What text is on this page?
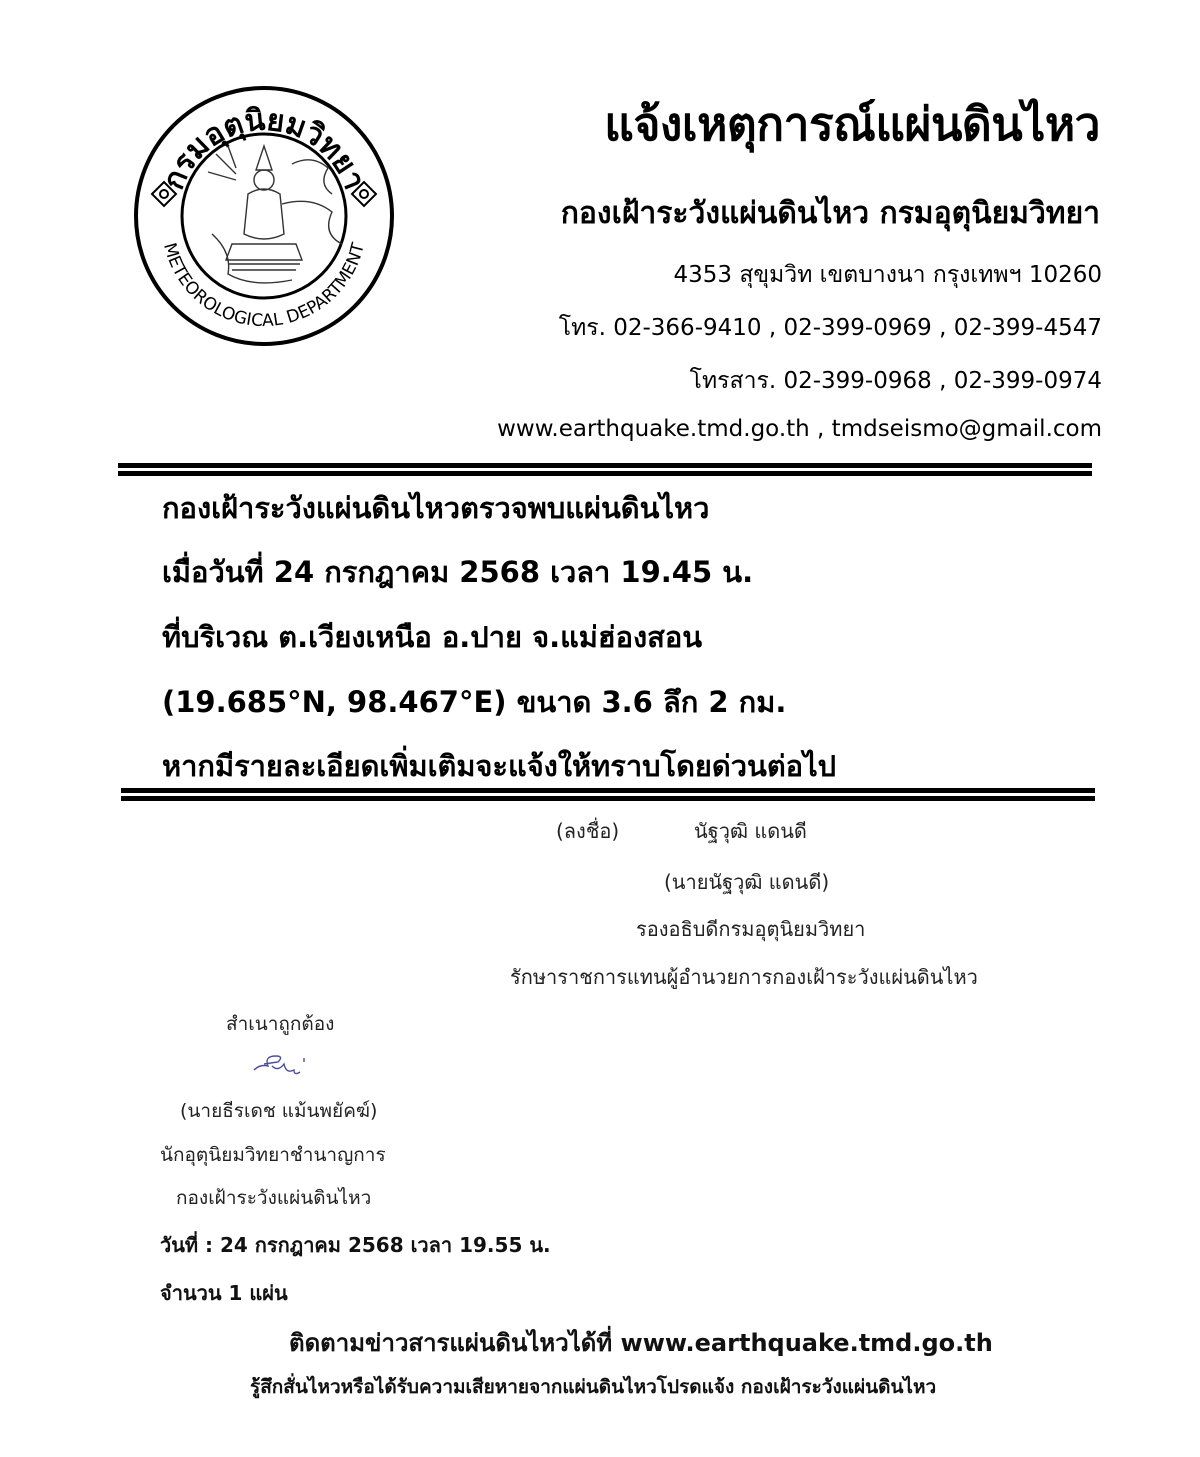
กรมอุตุนิยมวิทยา
METEOROLOGICAL DEPARTMENT
แจ้งเหตุการณ์แผ่นดินไหว
กองเฝ้าระวังแผ่นดินไหว กรมอุตุนิยมวิทยา
4353 สุขุมวิท เขตบางนา กรุงเทพฯ 10260
โทร. 02-366-9410 , 02-399-0969 , 02-399-4547
โทรสาร. 02-399-0968 , 02-399-0974
www.earthquake.tmd.go.th , tmdseismo@gmail.com
กองเฝ้าระวังแผ่นดินไหวตรวจพบแผ่นดินไหว
เมื่อวันที่ 24 กรกฎาคม 2568 เวลา 19.45 น.
ที่บริเวณ ต.เวียงเหนือ อ.ปาย จ.แม่ฮ่องสอน
(19.685°N, 98.467°E) ขนาด 3.6 ลึก 2 กม.
หากมีรายละเอียดเพิ่มเติมจะแจ้งให้ทราบโดยด่วนต่อไป
(ลงชื่อ)	นัฐวุฒิ แดนดี
(นายนัฐวุฒิ แดนดี)
รองอธิบดีกรมอุตุนิยมวิทยา
รักษาราชการแทนผู้อำนวยการกองเฝ้าระวังแผ่นดินไหว
สำเนาถูกต้อง
(นายธีรเดช แม้นพยัคฆ์)
นักอุตุนิยมวิทยาชำนาญการ
กองเฝ้าระวังแผ่นดินไหว
วันที่ : 24 กรกฎาคม 2568 เวลา 19.55 น.
จำนวน 1 แผ่น
ติดตามข่าวสารแผ่นดินไหวได้ที่ www.earthquake.tmd.go.th
รู้สึกสั่นไหวหรือได้รับความเสียหายจากแผ่นดินไหวโปรดแจ้ง กองเฝ้าระวังแผ่นดินไหว
